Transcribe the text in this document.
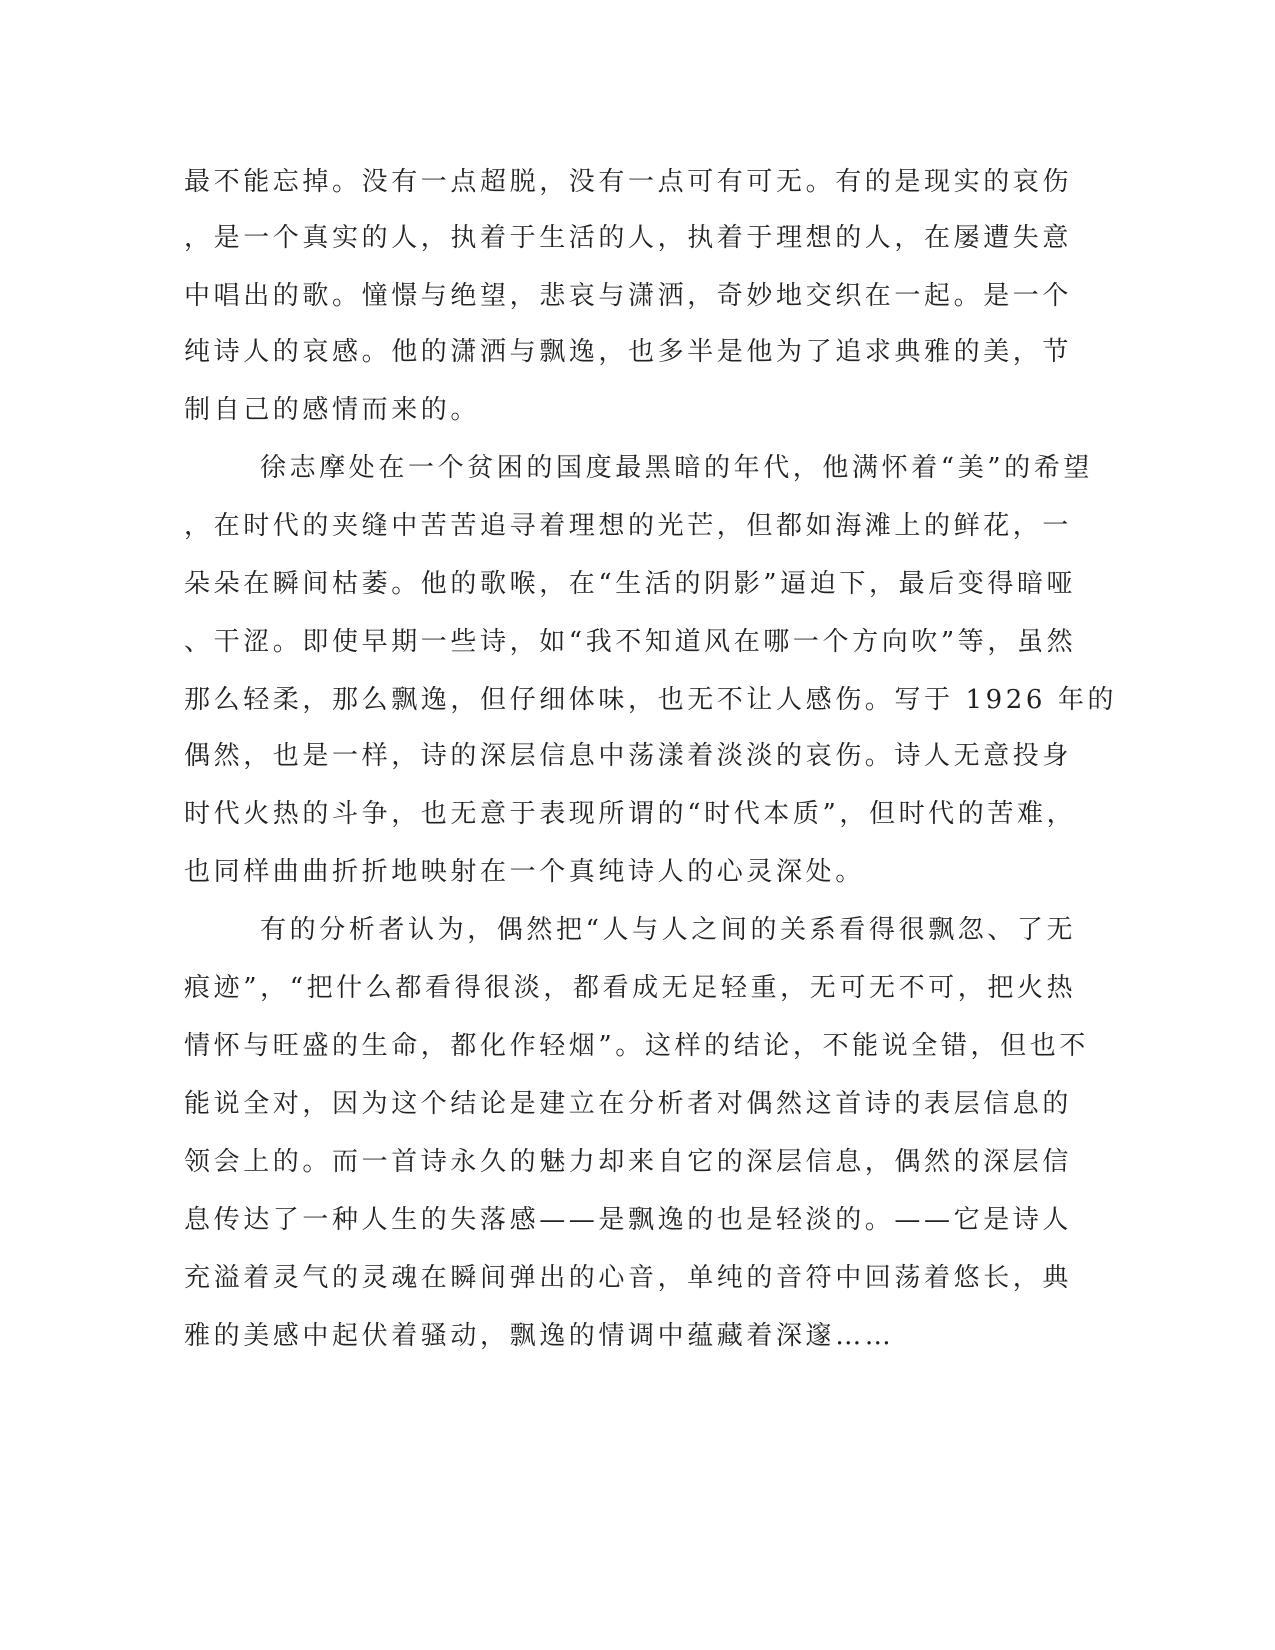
最不能忘掉。没有一点超脱，没有一点可有可无。有的是现实的哀伤
，是一个真实的人，执着于生活的人，执着于理想的人，在屡遭失意
中唱出的歌。憧憬与绝望，悲哀与潇洒，奇妙地交织在一起。是一个
纯诗人的哀感。他的潇洒与飘逸，也多半是他为了追求典雅的美，节
制自己的感情而来的。
徐志摩处在一个贫困的国度最黑暗的年代，他满怀着“美”的希望
，在时代的夹缝中苦苦追寻着理想的光芒，但都如海滩上的鲜花，一
朵朵在瞬间枯萎。他的歌喉，在“生活的阴影”逼迫下，最后变得暗哑
、干涩。即使早期一些诗，如“我不知道风在哪一个方向吹”等，虽然
那么轻柔，那么飘逸，但仔细体味，也无不让人感伤。写于 1926 年的
偶然，也是一样，诗的深层信息中荡漾着淡淡的哀伤。诗人无意投身
时代火热的斗争，也无意于表现所谓的“时代本质”，但时代的苦难，
也同样曲曲折折地映射在一个真纯诗人的心灵深处。
有的分析者认为，偶然把“人与人之间的关系看得很飘忽、了无
痕迹”，“把什么都看得很淡，都看成无足轻重，无可无不可，把火热
情怀与旺盛的生命，都化作轻烟”。这样的结论，不能说全错，但也不
能说全对，因为这个结论是建立在分析者对偶然这首诗的表层信息的
领会上的。而一首诗永久的魅力却来自它的深层信息，偶然的深层信
息传达了一种人生的失落感——是飘逸的也是轻淡的。——它是诗人
充溢着灵气的灵魂在瞬间弹出的心音，单纯的音符中回荡着悠长，典
雅的美感中起伏着骚动，飘逸的情调中蕴藏着深邃……
